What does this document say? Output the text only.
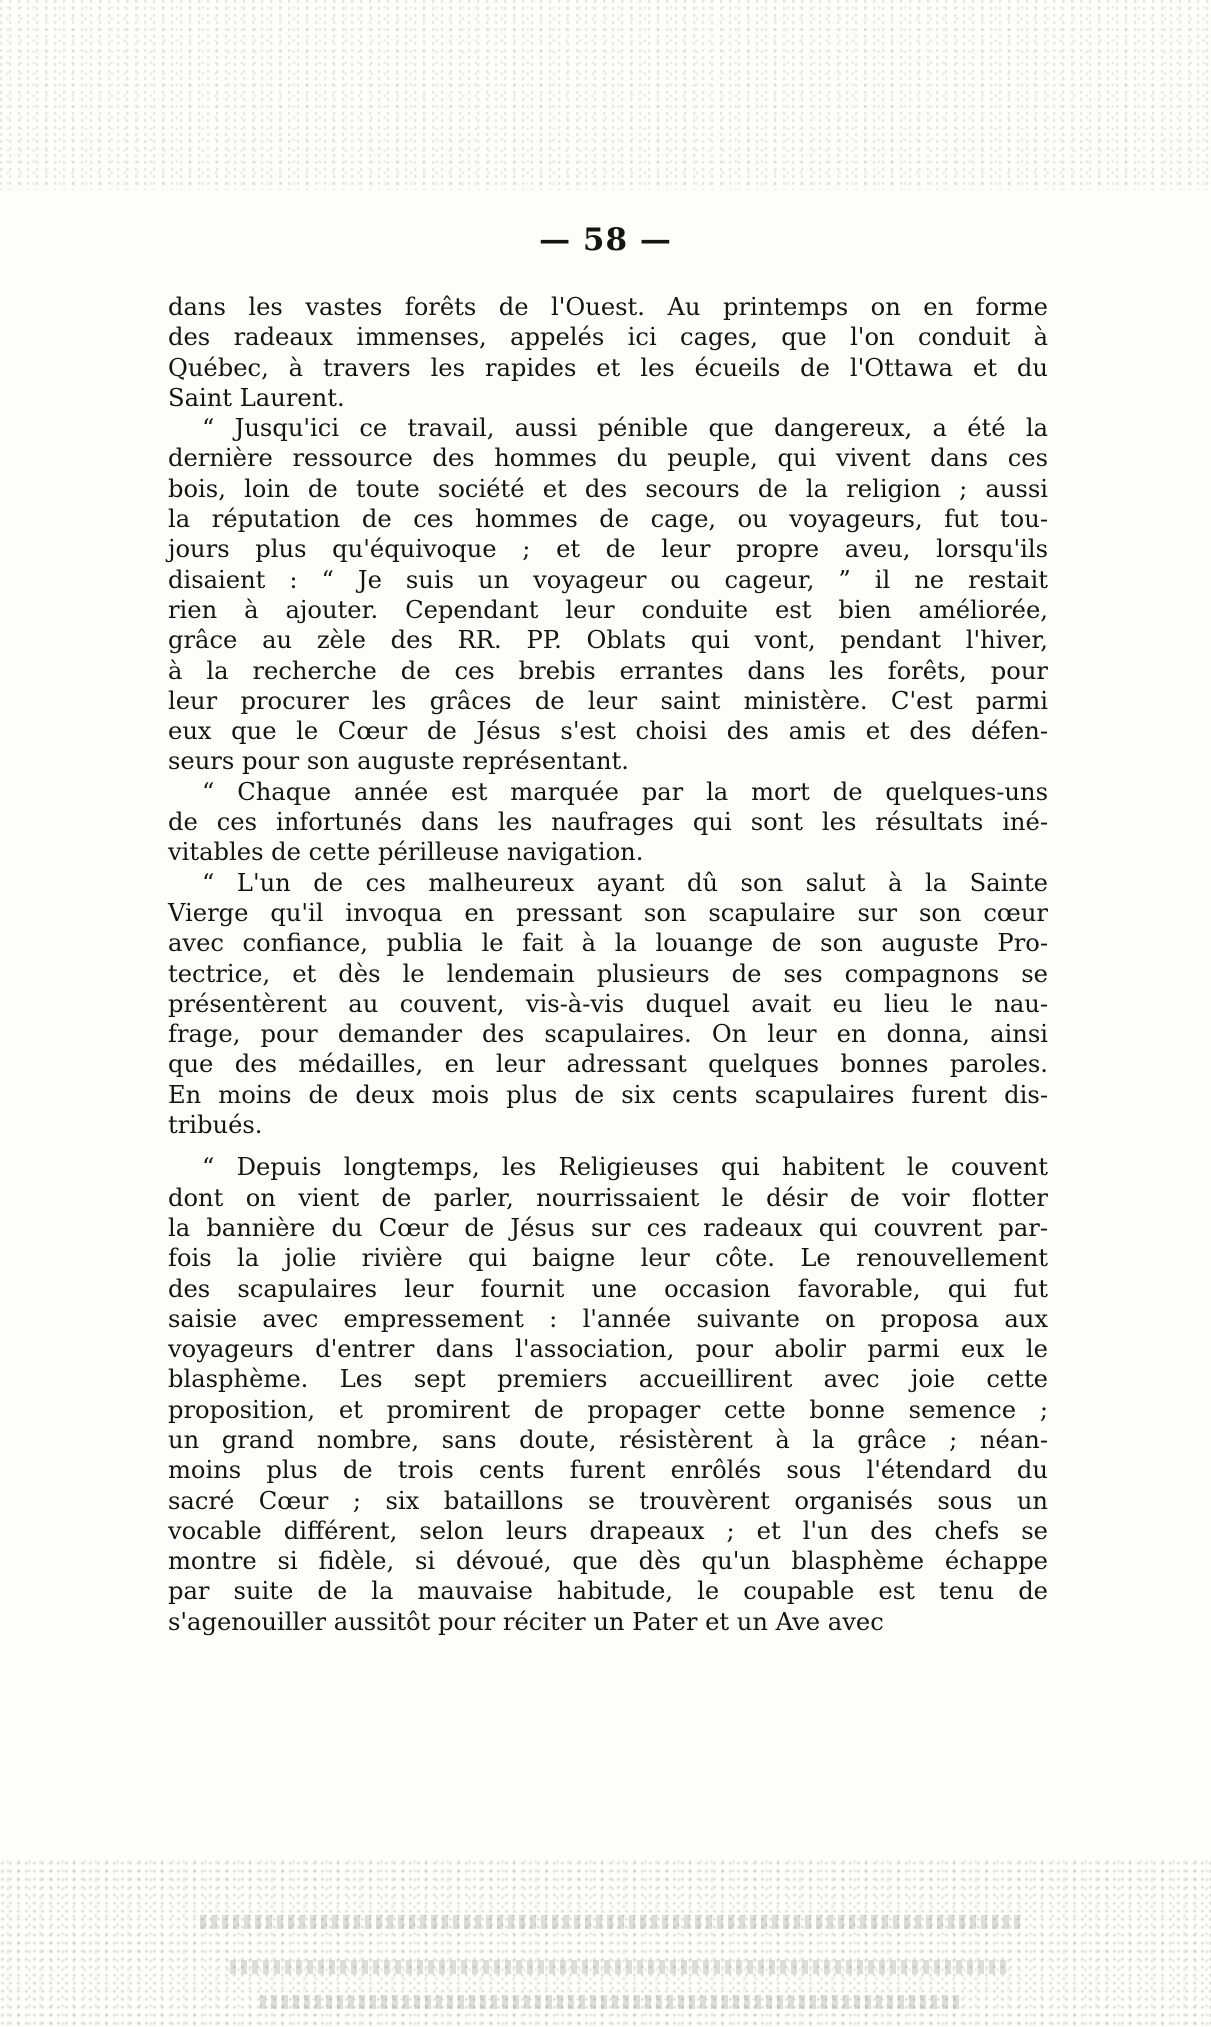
— 58 —
dans les vastes forêts de l'Ouest. Au printemps on en forme
des radeaux immenses, appelés ici cages, que l'on conduit à
Québec, à travers les rapides et les écueils de l'Ottawa et du
Saint Laurent.
“ Jusqu'ici ce travail, aussi pénible que dangereux, a été la
dernière ressource des hommes du peuple, qui vivent dans ces
bois, loin de toute société et des secours de la religion ; aussi
la réputation de ces hommes de cage, ou voyageurs, fut tou-
jours plus qu'équivoque ; et de leur propre aveu, lorsqu'ils
disaient : “ Je suis un voyageur ou cageur, ” il ne restait
rien à ajouter. Cependant leur conduite est bien améliorée,
grâce au zèle des RR. PP. Oblats qui vont, pendant l'hiver,
à la recherche de ces brebis errantes dans les forêts, pour
leur procurer les grâces de leur saint ministère. C'est parmi
eux que le Cœur de Jésus s'est choisi des amis et des défen-
seurs pour son auguste représentant.
“ Chaque année est marquée par la mort de quelques-uns
de ces infortunés dans les naufrages qui sont les résultats iné-
vitables de cette périlleuse navigation.
“ L'un de ces malheureux ayant dû son salut à la Sainte
Vierge qu'il invoqua en pressant son scapulaire sur son cœur
avec confiance, publia le fait à la louange de son auguste Pro-
tectrice, et dès le lendemain plusieurs de ses compagnons se
présentèrent au couvent, vis-à-vis duquel avait eu lieu le nau-
frage, pour demander des scapulaires. On leur en donna, ainsi
que des médailles, en leur adressant quelques bonnes paroles.
En moins de deux mois plus de six cents scapulaires furent dis-
tribués.
“ Depuis longtemps, les Religieuses qui habitent le couvent
dont on vient de parler, nourrissaient le désir de voir flotter
la bannière du Cœur de Jésus sur ces radeaux qui couvrent par-
fois la jolie rivière qui baigne leur côte. Le renouvellement
des scapulaires leur fournit une occasion favorable, qui fut
saisie avec empressement : l'année suivante on proposa aux
voyageurs d'entrer dans l'association, pour abolir parmi eux le
blasphème. Les sept premiers accueillirent avec joie cette
proposition, et promirent de propager cette bonne semence ;
un grand nombre, sans doute, résistèrent à la grâce ; néan-
moins plus de trois cents furent enrôlés sous l'étendard du
sacré Cœur ; six bataillons se trouvèrent organisés sous un
vocable différent, selon leurs drapeaux ; et l'un des chefs se
montre si fidèle, si dévoué, que dès qu'un blasphème échappe
par suite de la mauvaise habitude, le coupable est tenu de
s'agenouiller aussitôt pour réciter un Pater et un Ave avec
